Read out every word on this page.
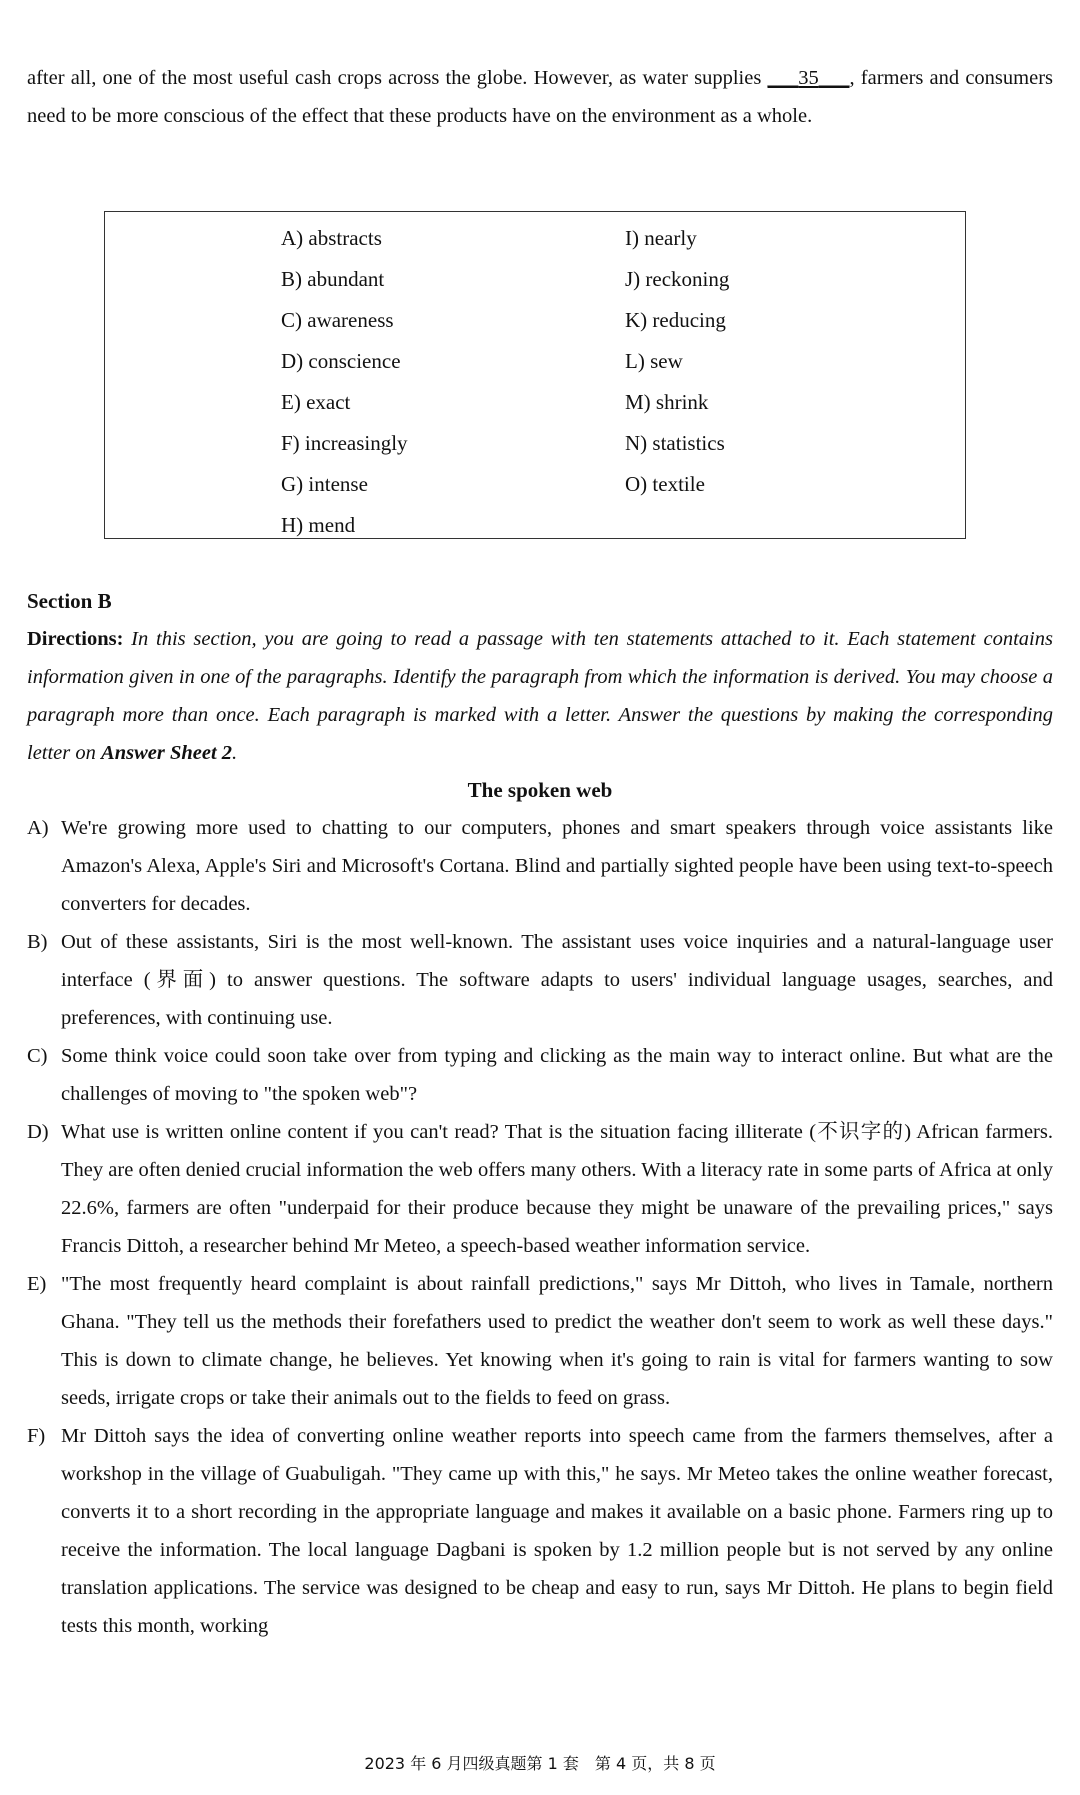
after all, one of the most useful cash crops across the globe. However, as water supplies ___35___, farmers and consumers need to be more conscious of the effect that these products have on the environment as a whole.

A) abstracts
B) abundant
C) awareness
D) conscience
E) exact
F) increasingly
G) intense
H) mend
I) nearly
J) reckoning
K) reducing
L) sew
M) shrink
N) statistics
O) textile
Section B
Directions: In this section, you are going to read a passage with ten statements attached to it. Each statement contains information given in one of the paragraphs. Identify the paragraph from which the information is derived. You may choose a paragraph more than once. Each paragraph is marked with a letter. Answer the questions by making the corresponding letter on Answer Sheet 2.
The spoken web
A) We're growing more used to chatting to our computers, phones and smart speakers through voice assistants like Amazon's Alexa, Apple's Siri and Microsoft's Cortana. Blind and partially sighted people have been using text-to-speech converters for decades.
B) Out of these assistants, Siri is the most well-known. The assistant uses voice inquiries and a natural-language user interface (界面) to answer questions. The software adapts to users' individual language usages, searches, and preferences, with continuing use.
C) Some think voice could soon take over from typing and clicking as the main way to interact online. But what are the challenges of moving to "the spoken web"?
D) What use is written online content if you can't read? That is the situation facing illiterate (不识字的) African farmers. They are often denied crucial information the web offers many others. With a literacy rate in some parts of Africa at only 22.6%, farmers are often "underpaid for their produce because they might be unaware of the prevailing prices," says Francis Dittoh, a researcher behind Mr Meteo, a speech-based weather information service.
E) "The most frequently heard complaint is about rainfall predictions," says Mr Dittoh, who lives in Tamale, northern Ghana. "They tell us the methods their forefathers used to predict the weather don't seem to work as well these days." This is down to climate change, he believes. Yet knowing when it's going to rain is vital for farmers wanting to sow seeds, irrigate crops or take their animals out to the fields to feed on grass.
F) Mr Dittoh says the idea of converting online weather reports into speech came from the farmers themselves, after a workshop in the village of Guabuligah. "They came up with this," he says. Mr Meteo takes the online weather forecast, converts it to a short recording in the appropriate language and makes it available on a basic phone. Farmers ring up to receive the information. The local language Dagbani is spoken by 1.2 million people but is not served by any online translation applications. The service was designed to be cheap and easy to run, says Mr Dittoh. He plans to begin field tests this month, working
2023 年 6 月四级真题第 1 套　第 4 页，共 8 页
